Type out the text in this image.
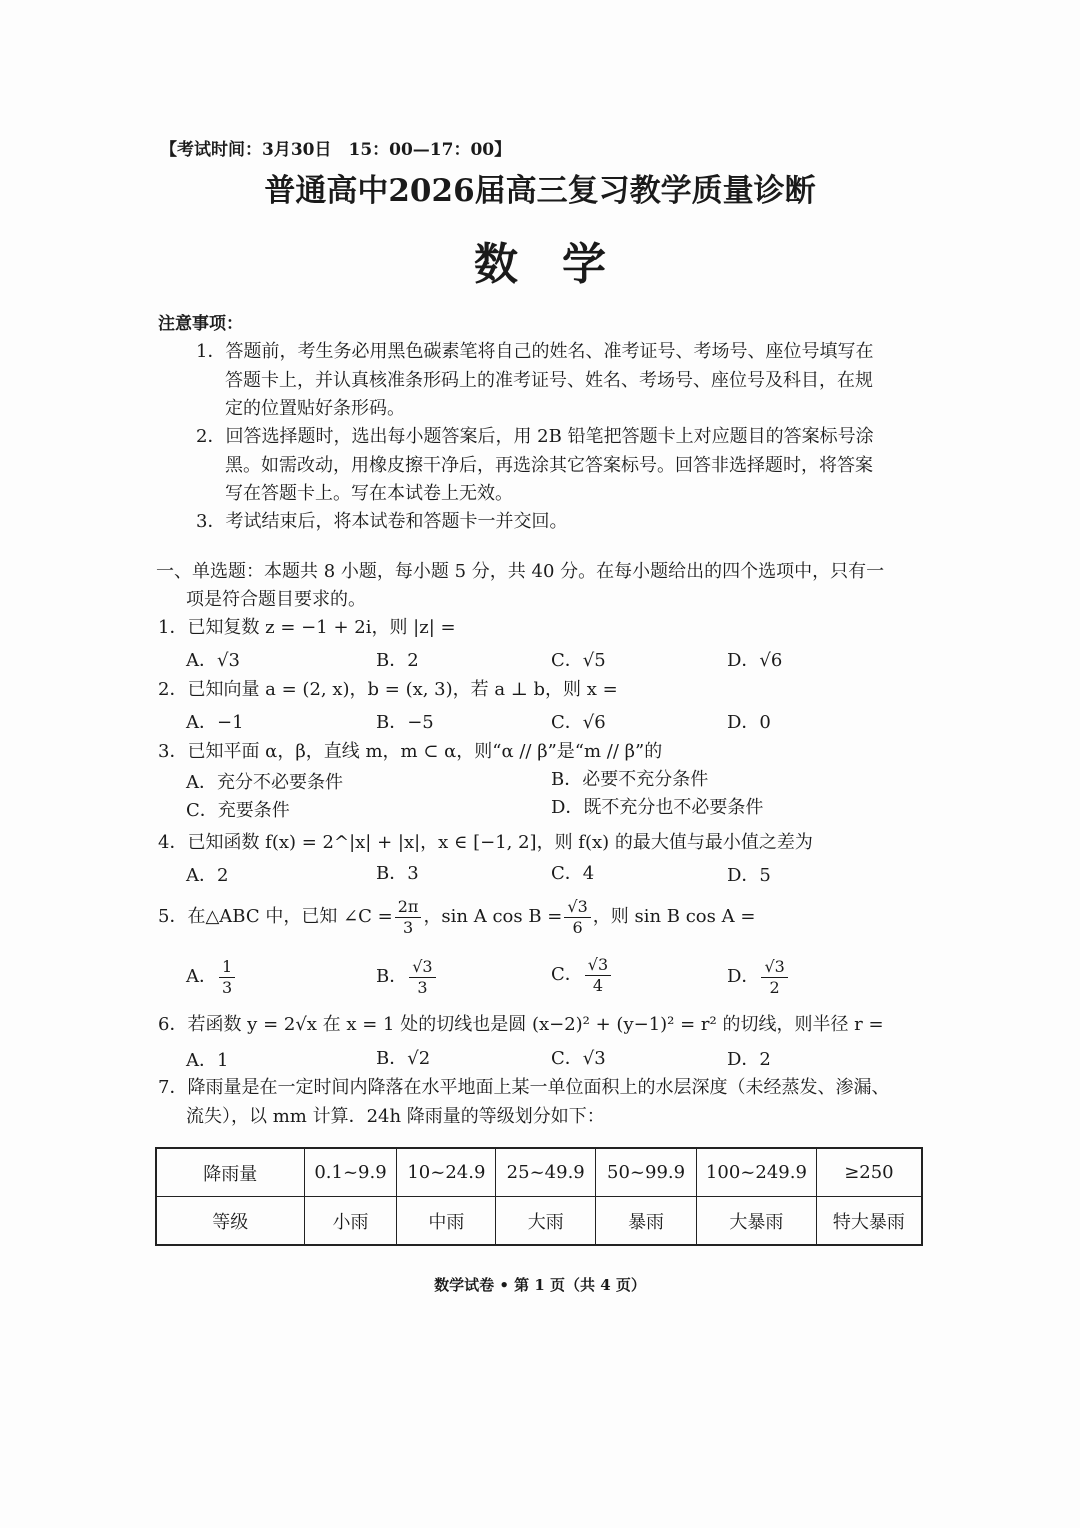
【考试时间：3月30日　15：00—17：00】
普通高中2026届高三复习教学质量诊断
数　学
注意事项：
1．答题前，考生务必用黑色碳素笔将自己的姓名、准考证号、考场号、座位号填写在
答题卡上，并认真核准条形码上的准考证号、姓名、考场号、座位号及科目，在规
定的位置贴好条形码。
2．回答选择题时，选出每小题答案后，用 2B 铅笔把答题卡上对应题目的答案标号涂
黑。如需改动，用橡皮擦干净后，再选涂其它答案标号。回答非选择题时，将答案
写在答题卡上。写在本试卷上无效。
3．考试结束后，将本试卷和答题卡一并交回。
一、单选题：本题共 8 小题，每小题 5 分，共 40 分。在每小题给出的四个选项中，只有一
项是符合题目要求的。
1．已知复数 z = −1 + 2i，则 |z| =
A．√3	B．2	C．√5	D．√6
2．已知向量 a = (2, x)，b = (x, 3)，若 a ⊥ b，则 x =
A．−1	B．−5	C．√6	D．0
3．已知平面 α，β，直线 m，m ⊂ α，则“α // β”是“m // β”的
A．充分不必要条件	B．必要不充分条件
C．充要条件	D．既不充分也不必要条件
4．已知函数 f(x) = 2^|x| + |x|，x ∈ [−1, 2]，则 f(x) 的最大值与最小值之差为
A．2	B．3	C．4	D．5
5．在△ABC 中，已知 ∠C = $\frac{2\pi}{3}$ ，sin A $\cos B = \frac{√3}{6}$ ，则 sin B cos A =
A． $\frac{1}{3}$	B． $\frac{√3}{3}$	C． $\frac{√3}{4}$	D． $\frac{√3}{2}$
6．若函数 y = 2√x 在 x = 1 处的切线也是圆 (x−2)² + (y−1)² = r² 的切线，则半径 r =
A．1	B．√2	C．√3	D．2
7．降雨量是在一定时间内降落在水平地面上某一单位面积上的水层深度（未经蒸发、渗漏、
流失），以 mm 计算．24h 降雨量的等级划分如下：
降雨量	0.1~9.9	10~24.9	25~49.9	50~99.9	100~249.9	≥250
等级	小雨	中雨	大雨	暴雨	大暴雨	特大暴雨
数学试卷 • 第 1 页（共 4 页）
